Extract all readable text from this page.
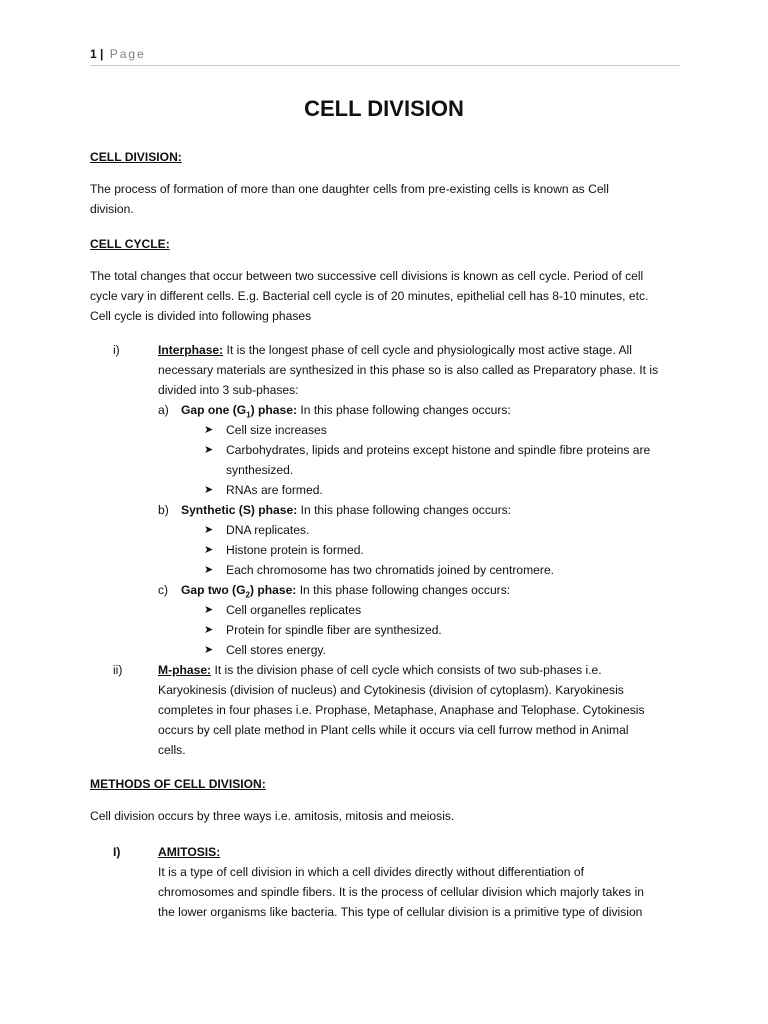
1 | Page
CELL DIVISION
CELL DIVISION:
The process of formation of more than one daughter cells from pre-existing cells is known as Cell
division.
CELL CYCLE:
The total changes that occur between two successive cell divisions is known as cell cycle. Period of cell
cycle vary in different cells. E.g. Bacterial cell cycle is of 20 minutes, epithelial cell has 8-10 minutes, etc.
Cell cycle is divided into following phases
i)	Interphase: It is the longest phase of cell cycle and physiologically most active stage. All
necessary materials are synthesized in this phase so is also called as Preparatory phase. It is
divided into 3 sub-phases:
a) Gap one $(G_1)$ phase: In this phase following changes occurs:
➤ Cell size increases
➤ Carbohydrates, lipids and proteins except histone and spindle fibre proteins are
synthesized.
➤ RNAs are formed.
b) Synthetic (S) phase: In this phase following changes occurs:
➤ DNA replicates.
➤ Histone protein is formed.
➤ Each chromosome has two chromatids joined by centromere.
c) Gap two $(G_2)$ phase: In this phase following changes occurs:
➤ Cell organelles replicates
➤ Protein for spindle fiber are synthesized.
➤ Cell stores energy.
ii)	M-phase: It is the division phase of cell cycle which consists of two sub-phases i.e.
Karyokinesis (division of nucleus) and Cytokinesis (division of cytoplasm). Karyokinesis
completes in four phases i.e. Prophase, Metaphase, Anaphase and Telophase. Cytokinesis
occurs by cell plate method in Plant cells while it occurs via cell furrow method in Animal
cells.
METHODS OF CELL DIVISION:
Cell division occurs by three ways i.e. amitosis, mitosis and meiosis.
I)	AMITOSIS:
It is a type of cell division in which a cell divides directly without differentiation of
chromosomes and spindle fibers. It is the process of cellular division which majorly takes in
the lower organisms like bacteria. This type of cellular division is a primitive type of division
